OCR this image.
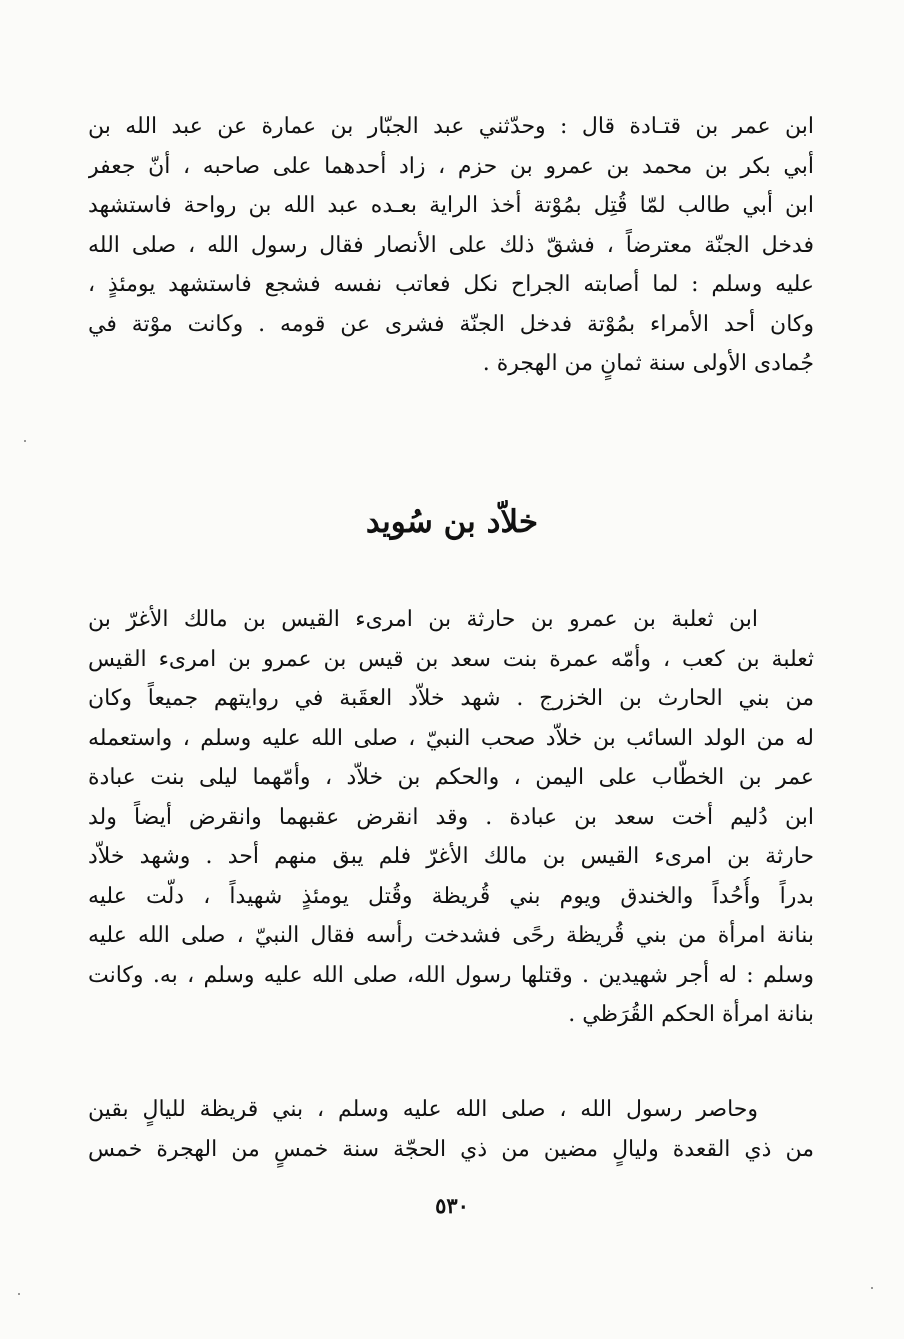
ابن عمر بن قتـادة قال : وحدّثني عبد الجبّار بن عمارة عن عبد الله بن
أبي بكر بن محمد بن عمرو بن حزم ، زاد أحدهما على صاحبه ، أنّ جعفر
ابن أبي طالب لمّا قُتِل بمُوْتة أخذ الراية بعـده عبد الله بن رواحة فاستشهد
فدخل الجنّة معترضاً ، فشقّ ذلك على الأنصار فقال رسول الله ، صلى الله
عليه وسلم : لما أصابته الجراح نكل فعاتب نفسه فشجع فاستشهد يومئذٍ ،
وكان أحد الأمراء بمُوْتة فدخل الجنّة فشرى عن قومه . وكانت موْتة في
جُمادى الأولى سنة ثمانٍ من الهجرة .
خلاّد بن سُويد
ابن ثعلبة بن عمرو بن حارثة بن امرىء القيس بن مالك الأغرّ بن
ثعلبة بن كعب ، وأمّه عمرة بنت سعد بن قيس بن عمرو بن امرىء القيس
من بني الحارث بن الخزرج . شهد خلاّد العقَبة في روايتهم جميعاً وكان
له من الولد السائب بن خلاّد صحب النبيّ ، صلى الله عليه وسلم ، واستعمله
عمر بن الخطّاب على اليمن ، والحكم بن خلاّد ، وأمّهما ليلى بنت عبادة
ابن دُليم أخت سعد بن عبادة . وقد انقرض عقبهما وانقرض أيضاً ولد
حارثة بن امرىء القيس بن مالك الأغرّ فلم يبق منهم أحد . وشهد خلاّد
بدراً وأُحُداً والخندق ويوم بني قُريظة وقُتل يومئذٍ شهيداً ، دلّت عليه
بنانة امرأة من بني قُريظة رحًى فشدخت رأسه فقال النبيّ ، صلى الله عليه
وسلم : له أجر شهيدين . وقتلها رسول الله، صلى الله عليه وسلم ، به. وكانت
بنانة امرأة الحكم القُرَظي .
وحاصر رسول الله ، صلى الله عليه وسلم ، بني قريظة لليالٍ بقين
من ذي القعدة وليالٍ مضين من ذي الحجّة سنة خمسٍ من الهجرة خمس
٥٣٠
